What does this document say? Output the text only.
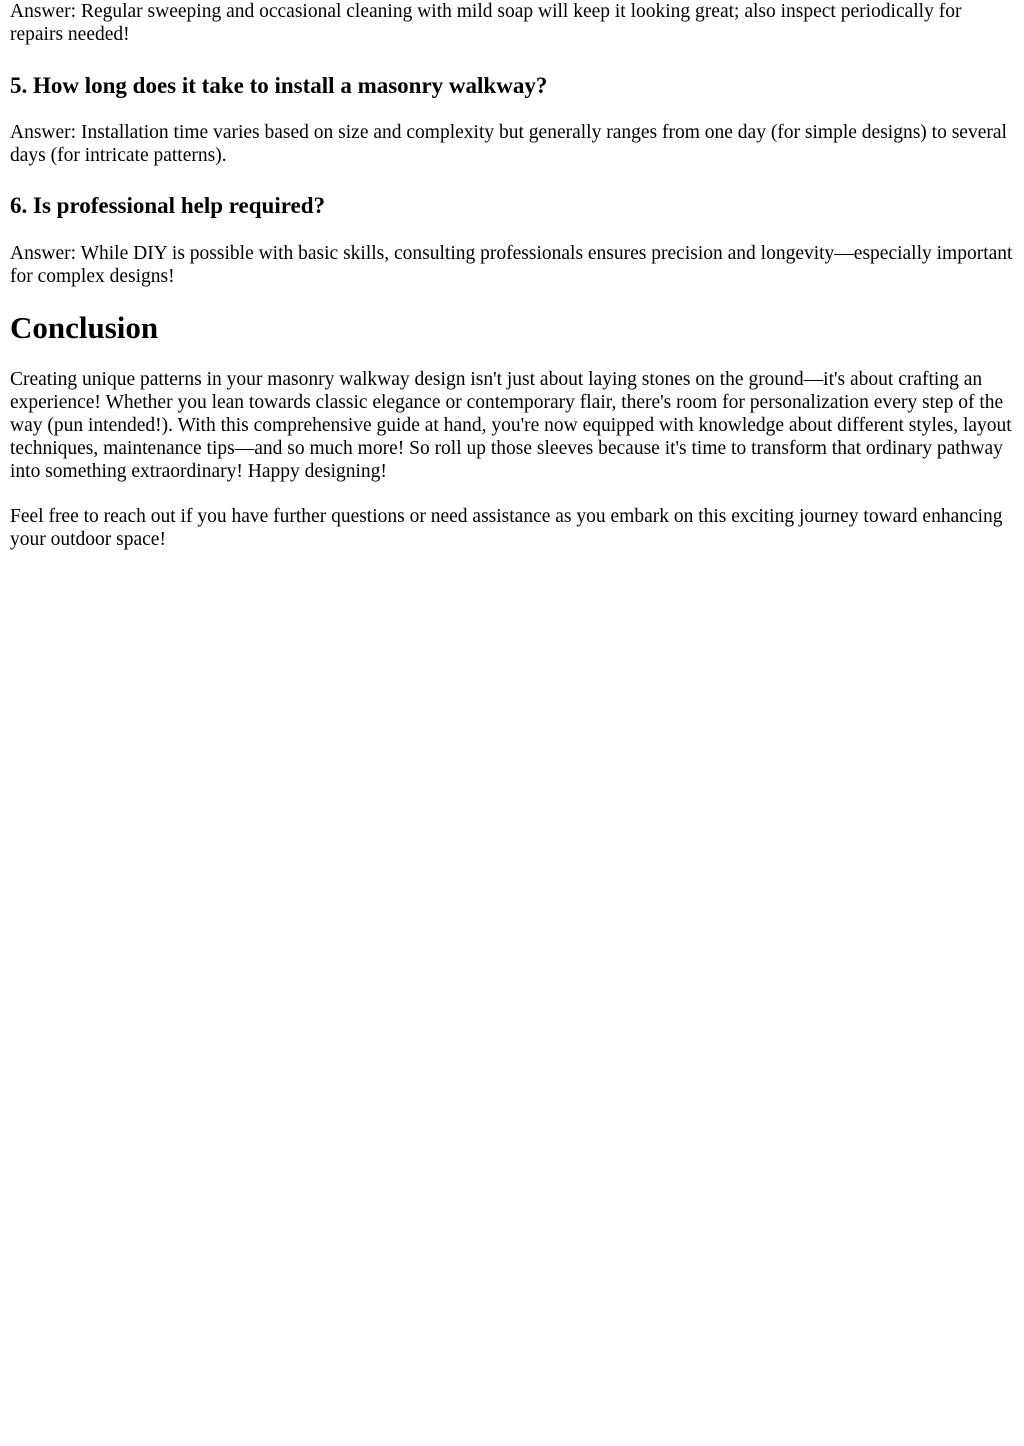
Answer: Regular sweeping and occasional cleaning with mild soap will keep it looking great; also inspect periodically for repairs needed!

5. How long does it take to install a masonry walkway?

Answer: Installation time varies based on size and complexity but generally ranges from one day (for simple designs) to several days (for intricate patterns).

6. Is professional help required?

Answer: While DIY is possible with basic skills, consulting professionals ensures precision and longevity—especially important for complex designs!

Conclusion

Creating unique patterns in your masonry walkway design isn't just about laying stones on the ground—it's about crafting an experience! Whether you lean towards classic elegance or contemporary flair, there's room for personalization every step of the way (pun intended!). With this comprehensive guide at hand, you're now equipped with knowledge about different styles, layout techniques, maintenance tips—and so much more! So roll up those sleeves because it's time to transform that ordinary pathway into something extraordinary! Happy designing!

Feel free to reach out if you have further questions or need assistance as you embark on this exciting journey toward enhancing your outdoor space!
